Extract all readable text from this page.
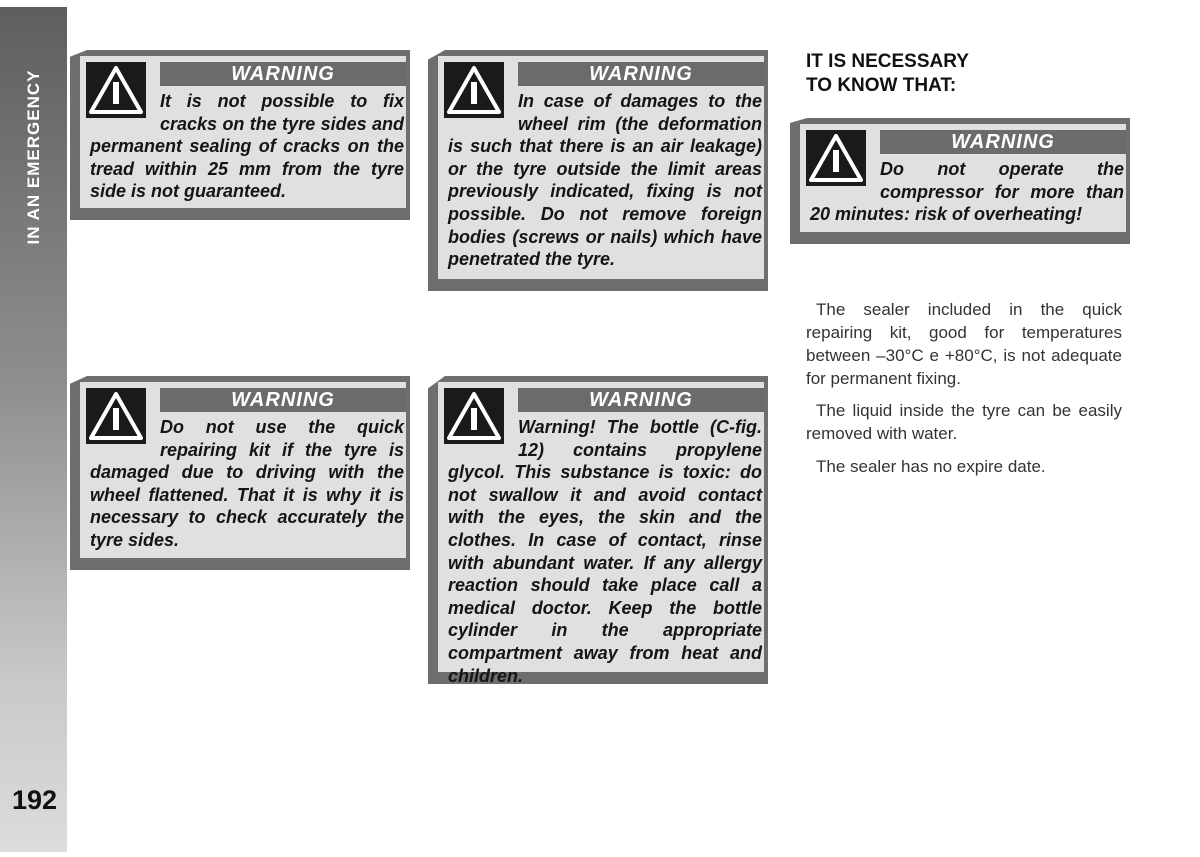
IN AN EMERGENCY
192
WARNING
It is not possible to fix cracks on the tyre sides and permanent sealing of cracks on the tread within 25 mm from the tyre side is not guaranteed.
WARNING
In case of damages to the wheel rim (the deformation is such that there is an air leakage) or the tyre outside the limit areas previously indicated, fixing is not possible. Do not remove foreign bodies (screws or nails) which have penetrated the tyre.
WARNING
Do not use the quick repairing kit if the tyre is damaged due to driving with the wheel flattened. That it is why it is necessary to check accurately the tyre sides.
WARNING
Warning! The bottle (C-fig. 12) contains propylene glycol. This substance is toxic: do not swallow it and avoid contact with the eyes, the skin and the clothes. In case of contact, rinse with abundant water. If any allergy reaction should take place call a medical doctor. Keep the bottle cylinder in the appropriate compartment away from heat and children.
IT IS NECESSARY
TO KNOW THAT:
WARNING
Do not operate the compressor for more than 20 minutes: risk of overheating!

The sealer included in the quick repairing kit, good for temperatures between –30°C e +80°C, is not adequate for permanent fixing.

The liquid inside the tyre can be easily removed with water.

The sealer has no expire date.
